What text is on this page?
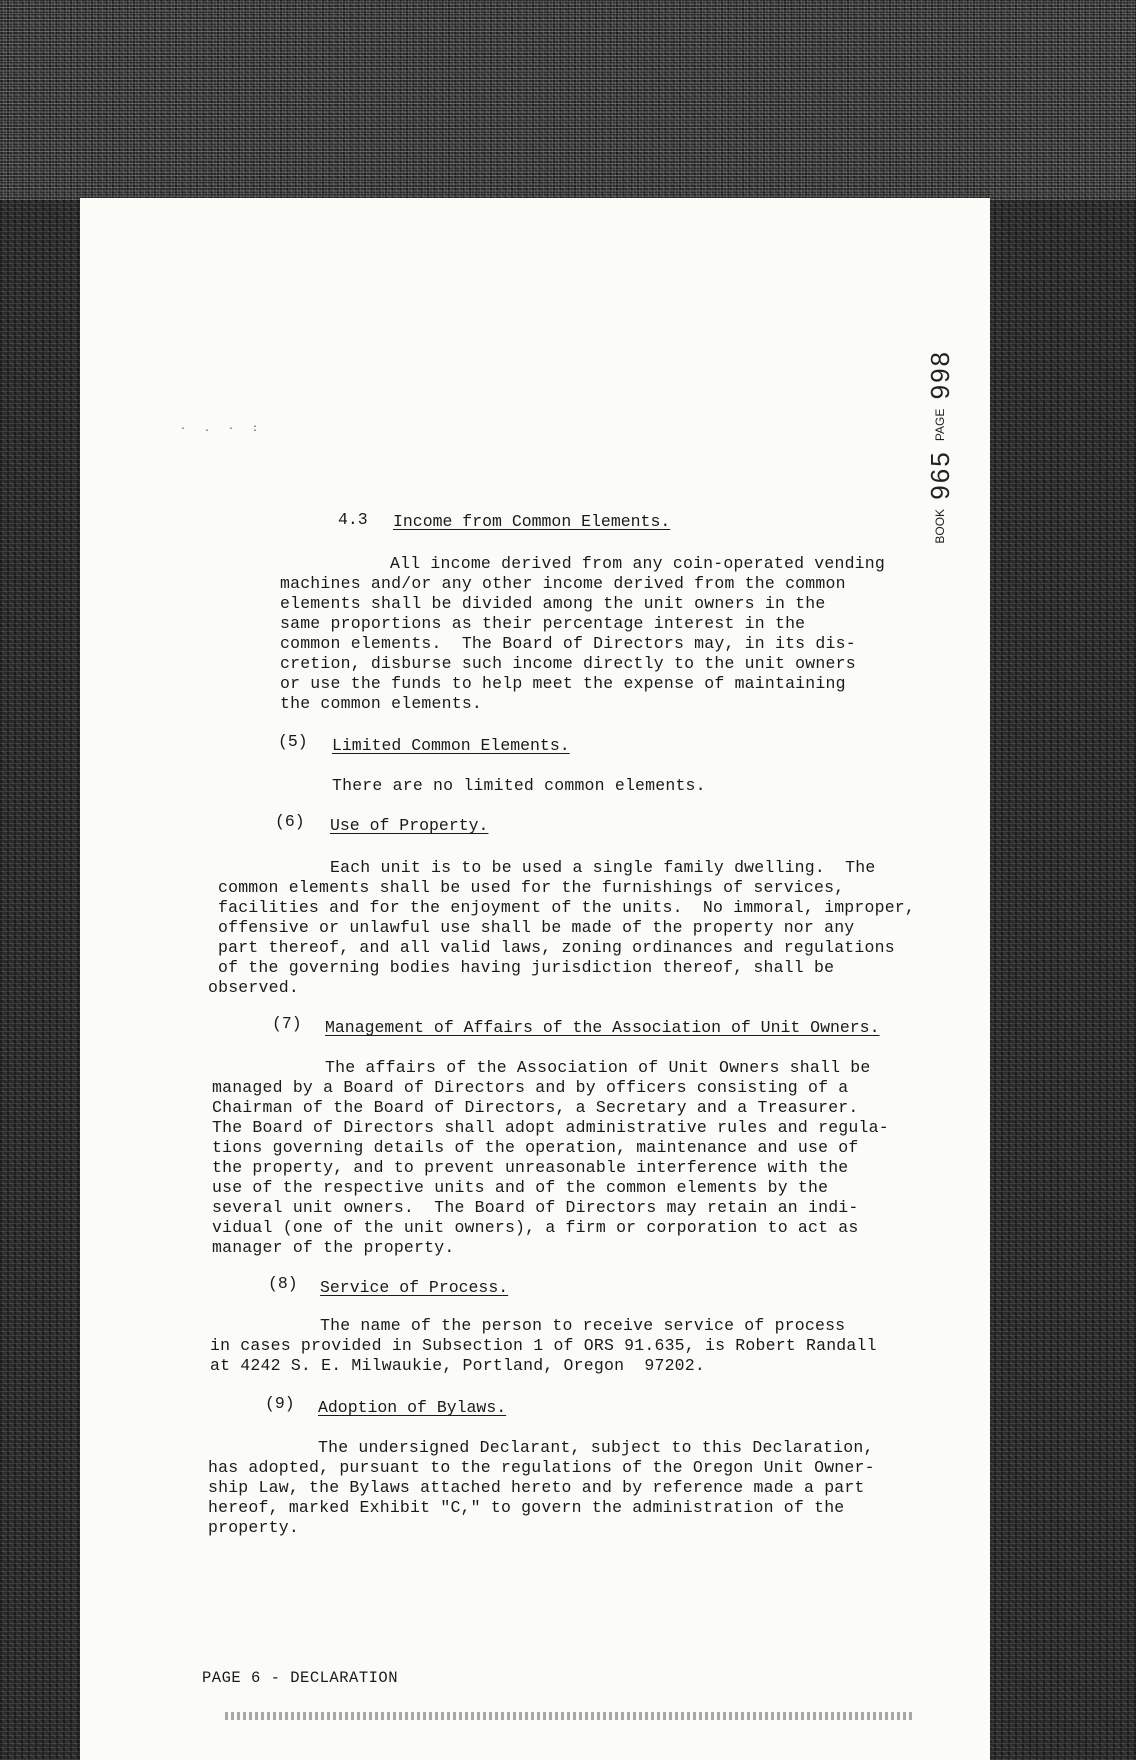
· . · :
4.3 Income from Common Elements.
All income derived from any coin-operated vending
machines and/or any other income derived from the common
elements shall be divided among the unit owners in the
same proportions as their percentage interest in the
common elements.  The Board of Directors may, in its dis-
cretion, disburse such income directly to the unit owners
or use the funds to help meet the expense of maintaining
the common elements.
(5) Limited Common Elements.
There are no limited common elements.
(6) Use of Property.
Each unit is to be used a single family dwelling.  The
common elements shall be used for the furnishings of services,
facilities and for the enjoyment of the units.  No immoral, improper,
offensive or unlawful use shall be made of the property nor any
part thereof, and all valid laws, zoning ordinances and regulations
of the governing bodies having jurisdiction thereof, shall be
observed.
(7) Management of Affairs of the Association of Unit Owners.
The affairs of the Association of Unit Owners shall be
managed by a Board of Directors and by officers consisting of a
Chairman of the Board of Directors, a Secretary and a Treasurer.
The Board of Directors shall adopt administrative rules and regula-
tions governing details of the operation, maintenance and use of
the property, and to prevent unreasonable interference with the
use of the respective units and of the common elements by the
several unit owners.  The Board of Directors may retain an indi-
vidual (one of the unit owners), a firm or corporation to act as
manager of the property.
(8) Service of Process.
The name of the person to receive service of process
in cases provided in Subsection 1 of ORS 91.635, is Robert Randall
at 4242 S. E. Milwaukie, Portland, Oregon  97202.
(9) Adoption of Bylaws.
The undersigned Declarant, subject to this Declaration,
has adopted, pursuant to the regulations of the Oregon Unit Owner-
ship Law, the Bylaws attached hereto and by reference made a part
hereof, marked Exhibit "C," to govern the administration of the
property.
PAGE 6 - DECLARATION
BOOK 965 PAGE 998
